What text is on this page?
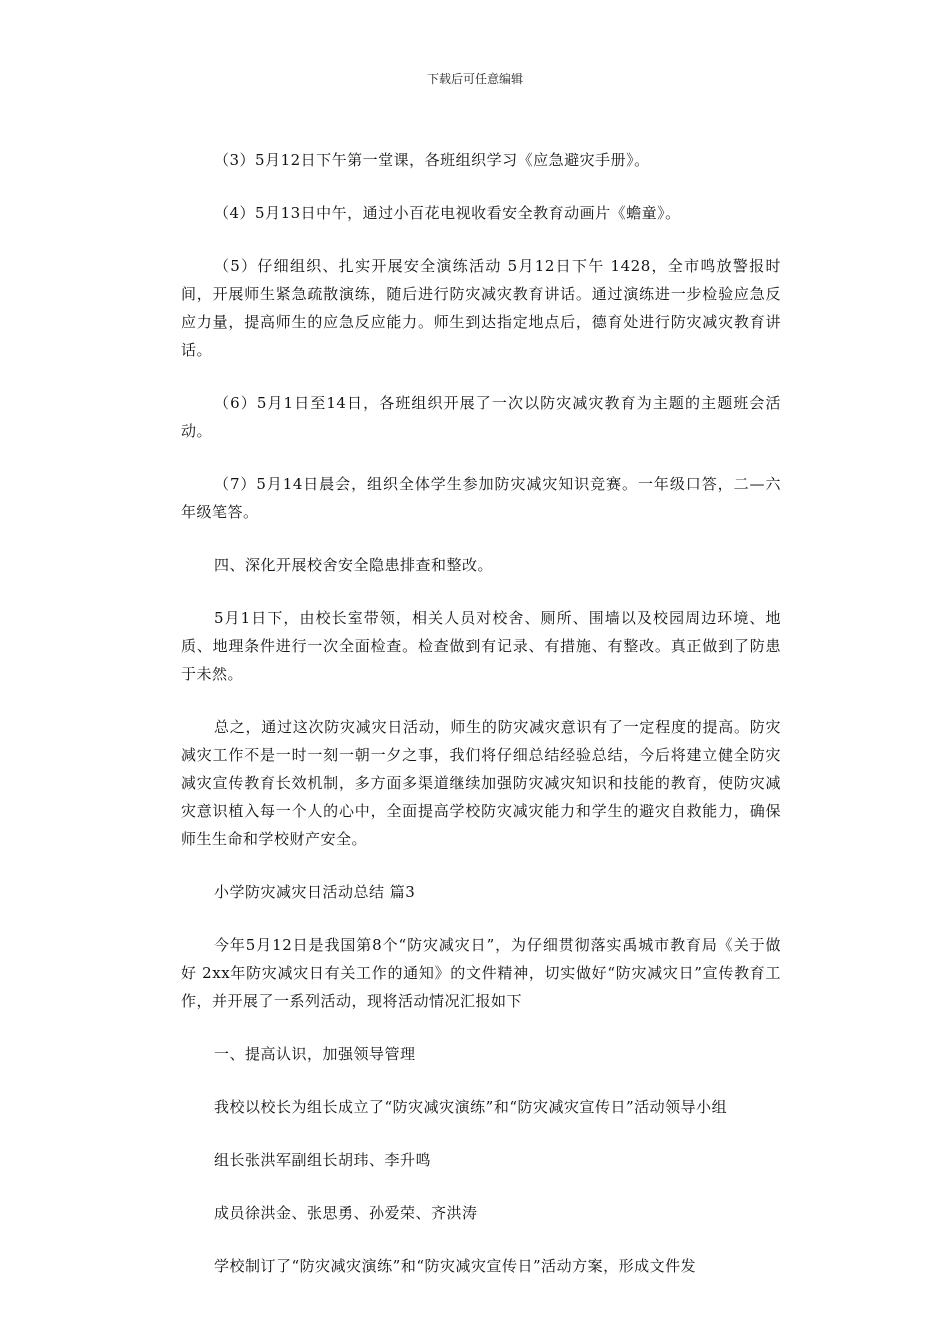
下载后可任意编辑

（3）5月12日下午第一堂课，各班组织学习《应急避灾手册》。

（4）5月13日中午，通过小百花电视收看安全教育动画片《蟾童》。

（5）仔细组织、扎实开展安全演练活动 5月12日下午 1428，全市鸣放警报时间，开展师生紧急疏散演练，随后进行防灾减灾教育讲话。通过演练进一步检验应急反应力量，提高师生的应急反应能力。师生到达指定地点后，德育处进行防灾减灾教育讲话。

（6）5月1日至14日，各班组织开展了一次以防灾减灾教育为主题的主题班会活动。

（7）5月14日晨会，组织全体学生参加防灾减灾知识竞赛。一年级口答，二—六年级笔答。

四、深化开展校舍安全隐患排查和整改。

5月1日下，由校长室带领，相关人员对校舍、厕所、围墙以及校园周边环境、地质、地理条件进行一次全面检查。检查做到有记录、有措施、有整改。真正做到了防患于未然。

总之，通过这次防灾减灾日活动，师生的防灾减灾意识有了一定程度的提高。防灾减灾工作不是一时一刻一朝一夕之事，我们将仔细总结经验总结，今后将建立健全防灾减灾宣传教育长效机制，多方面多渠道继续加强防灾减灾知识和技能的教育，使防灾减灾意识植入每一个人的心中，全面提高学校防灾减灾能力和学生的避灾自救能力，确保师生生命和学校财产安全。

小学防灾减灾日活动总结 篇3

今年5月12日是我国第8个“防灾减灾日”，为仔细贯彻落实禹城市教育局《关于做好 2xx年防灾减灾日有关工作的通知》的文件精神，切实做好“防灾减灾日”宣传教育工作，并开展了一系列活动，现将活动情况汇报如下

一、提高认识，加强领导管理

我校以校长为组长成立了“防灾减灾演练”和“防灾减灾宣传日”活动领导小组

组长张洪军副组长胡玮、李升鸣

成员徐洪金、张思勇、孙爱荣、齐洪涛

学校制订了“防灾减灾演练”和“防灾减灾宣传日”活动方案，形成文件发
